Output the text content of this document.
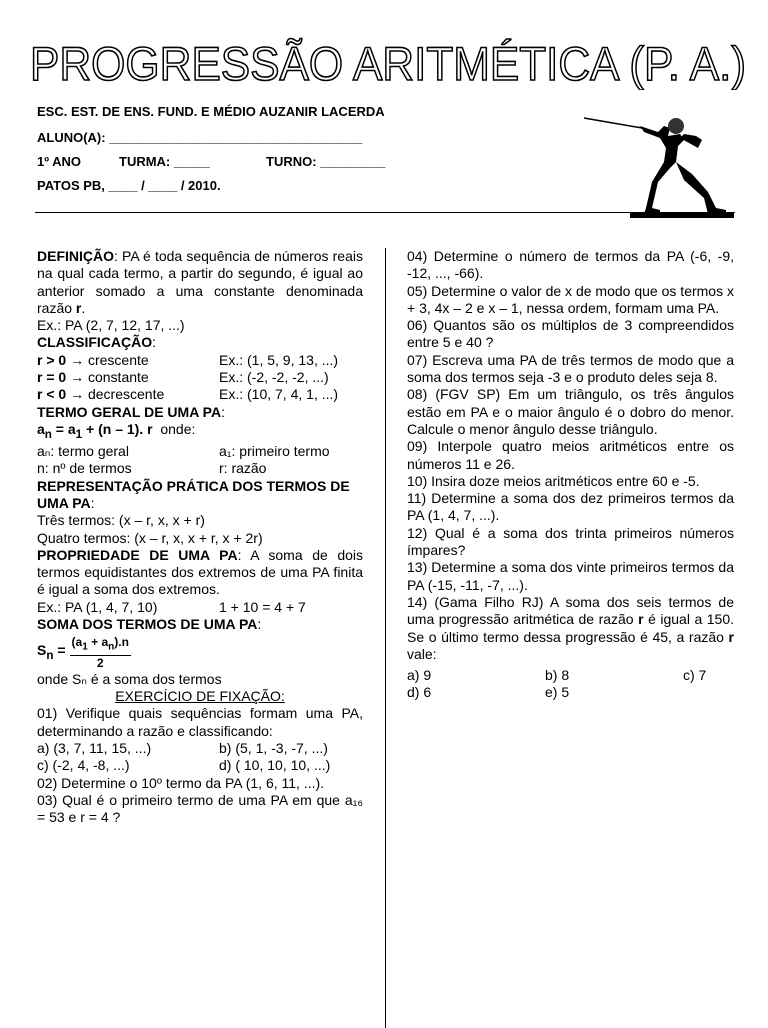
PROGRESSÃO ARITMÉTICA (P. A.)
ESC. EST. DE ENS. FUND. E MÉDIO AUZANIR LACERDA
ALUNO(A): ___________________________________
1º ANO	TURMA: _____	TURNO: _________
PATOS PB, ____ / ____ / 2010.

DEFINIÇÃO: PA é toda sequência de números reais na qual cada termo, a partir do segundo, é igual ao anterior somado a uma constante denominada razão r.

Ex.: PA (2, 7, 12, 17, ...)

CLASSIFICAÇÃO:

r > 0 → crescente	Ex.: (1, 5, 9, 13, ...)
r = 0 → constante	Ex.: (-2, -2, -2, ...)
r < 0 → decrescente	Ex.: (10, 7, 4, 1, ...)

TERMO GERAL DE UMA PA:

$a_n = a_1 + (n - 1)$. r onde:

aₙ: termo geral	a₁: primeiro termo
n: nº de termos	r: razão

REPRESENTAÇÃO PRÁTICA DOS TERMOS DE UMA PA:

Três termos: (x – r, x, x + r)

Quatro termos: (x – r, x, x + r, x + 2r)

PROPRIEDADE DE UMA PA: A soma de dois termos equidistantes dos extremos de uma PA finita é igual a soma dos extremos.

Ex.: PA (1, 4, 7, 10)	1 + 10 = 4 + 7

SOMA DOS TERMOS DE UMA PA:

$S_n = \frac{(a_1 + a_n).n}{2}$

onde Sₙ é a soma dos termos

EXERCÍCIO DE FIXAÇÃO:

01) Verifique quais sequências formam uma PA, determinando a razão e classificando:

a) (3, 7, 11, 15, ...)	b) (5, 1, -3, -7, ...)
c) (-2, 4, -8, ...)	d) ( 10, 10, 10, ...)

02) Determine o 10º termo da PA (1, 6, 11, ...).

03) Qual é o primeiro termo de uma PA em que a₁₆ = 53 e r = 4 ?

04) Determine o número de termos da PA (-6, -9, -12, ..., -66).

05) Determine o valor de x de modo que os termos x + 3, 4x – 2 e x – 1, nessa ordem, formam uma PA.

06) Quantos são os múltiplos de 3 compreendidos entre 5 e 40 ?

07) Escreva uma PA de três termos de modo que a soma dos termos seja -3 e o produto deles seja 8.

08) (FGV SP) Em um triângulo, os três ângulos estão em PA e o maior ângulo é o dobro do menor. Calcule o menor ângulo desse triângulo.

09) Interpole quatro meios aritméticos entre os números 11 e 26.

10) Insira doze meios aritméticos entre 60 e -5.

11) Determine a soma dos dez primeiros termos da PA (1, 4, 7, ...).

12) Qual é a soma dos trinta primeiros números ímpares?

13) Determine a soma dos vinte primeiros termos da PA (-15, -11, -7, ...).

14) (Gama Filho RJ) A soma dos seis termos de uma progressão aritmética de razão r é igual a 150. Se o último termo dessa progressão é 45, a razão r vale:

a) 9	b) 8	c) 7
d) 6	e) 5
